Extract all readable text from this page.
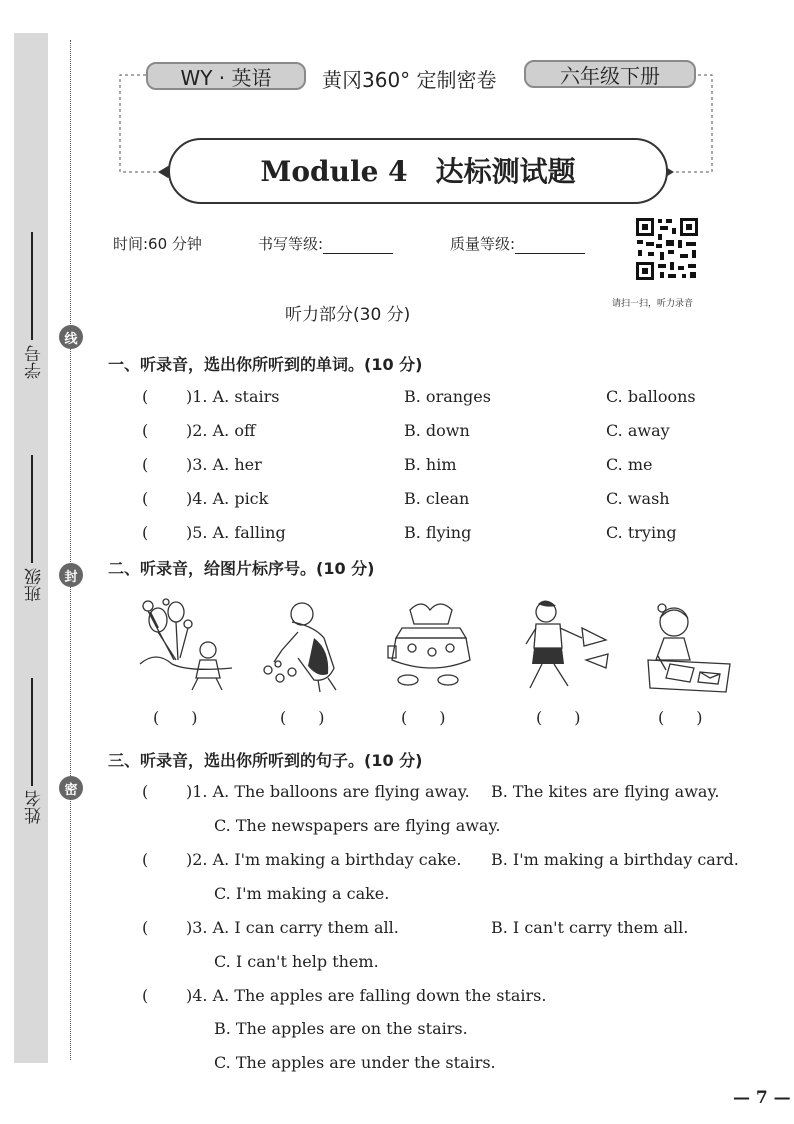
学号
班级
姓名
线
封
密
WY · 英语	黄冈360° 定制密卷	六年级下册
Module 4　达标测试题
时间:60 分钟	书写等级:	质量等级:
请扫一扫，听力录音
听力部分(30 分)
一、听录音，选出你所听到的单词。(10 分)
( )1. A. stairs	B. oranges	C. balloons
( )2. A. off	B. down	C. away
( )3. A. her	B. him	C. me
( )4. A. pick	B. clean	C. wash
( )5. A. falling	B. flying	C. trying
二、听录音，给图片标序号。(10 分)
(　　)	(　　)	(　　)	(　　)	(　　)
三、听录音，选出你所听到的句子。(10 分)
( )1. A. The balloons are flying away. B. The kites are flying away.
C. The newspapers are flying away.
( )2. A. I'm making a birthday cake. B. I'm making a birthday card.
C. I'm making a cake.
( )3. A. I can carry them all.	B. I can't carry them all.
C. I can't help them.
( )4. A. The apples are falling down the stairs.
B. The apples are on the stairs.
C. The apples are under the stairs.
— 7 —
